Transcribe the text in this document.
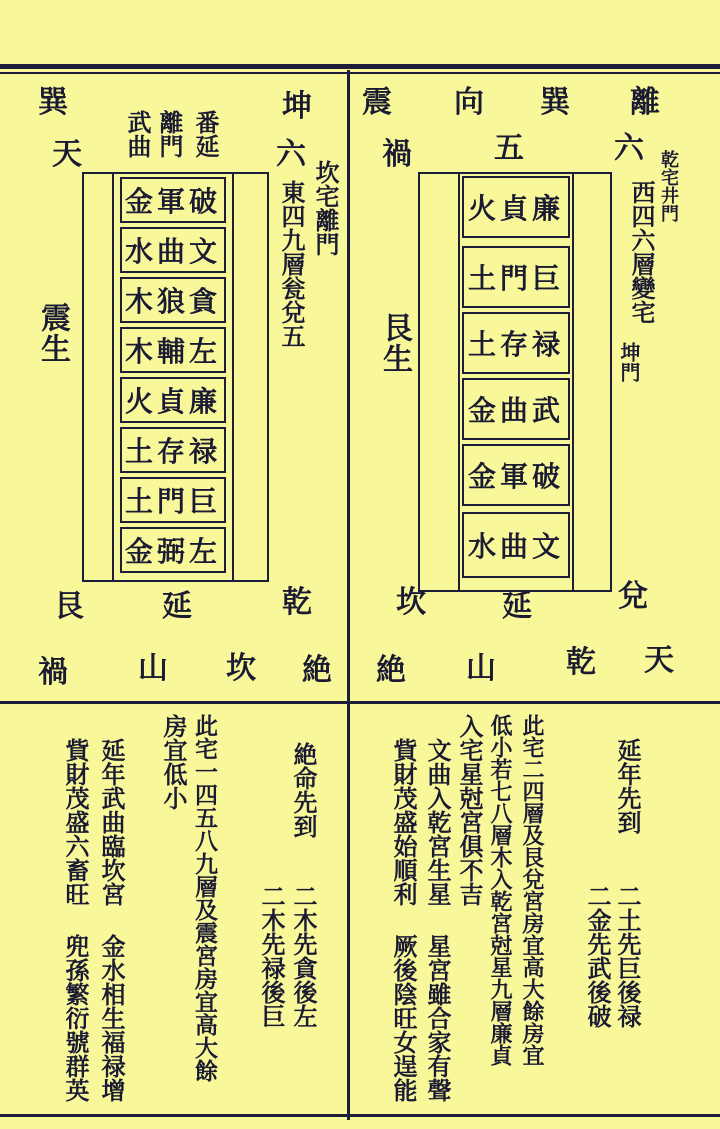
巽	坤
天	六
番延
離門
武曲
坎宅離門
東四九層瓮兌五
震生
金軍破
水曲文
木狼貪
木輔左
火貞廉
土存禄
土門巨
金弼左
艮	延	乾
禍 山 坎 絶
震 向 巽 離
禍	五	六
乾宅井門
西四六層變宅
坤門
艮生
火貞廉
土門巨
土存禄
金曲武
金軍破
水曲文
坎	延	兌
絶 山 乾 天
絶命先到
二木先貪後左
二木先禄後巨
此宅一四五八九層及震宮房宜高大餘
房宜低小
延年武曲臨坎宮
貲財茂盛六畜旺
金水相生福禄增
兜孫繁衍號群英
延年先到
二土先巨後禄
二金先武後破
此宅二四層及艮兌宮房宜高大餘房宜
低小若七八層木入乾宮尅星九層廉貞
入宅星尅宮俱不吉
文曲入乾宮生星
貲財茂盛始順利
星宮雖合家有聲
厥後陰旺女逞能
